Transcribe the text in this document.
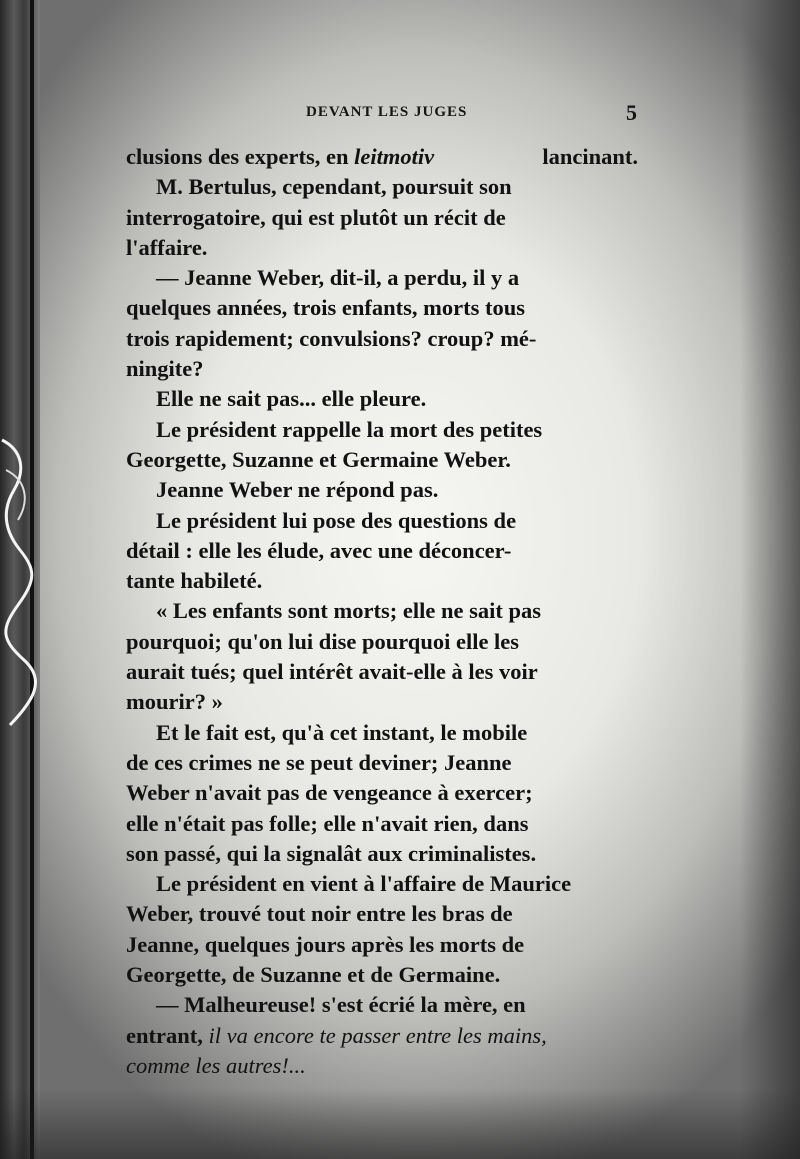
DEVANT LES JUGES	5
clusions des experts, en leitmotiv	lancinant.
M. Bertulus, cependant, poursuit son
interrogatoire, qui est plutôt un récit de
l'affaire.
— Jeanne Weber, dit-il, a perdu, il y a
quelques années, trois enfants, morts tous
trois rapidement; convulsions? croup? mé-
ningite?
Elle ne sait pas... elle pleure.
Le président rappelle la mort des petites
Georgette, Suzanne et Germaine Weber.
Jeanne Weber ne répond pas.
Le président lui pose des questions de
détail : elle les élude, avec une déconcer-
tante habileté.
« Les enfants sont morts; elle ne sait pas
pourquoi; qu'on lui dise pourquoi elle les
aurait tués; quel intérêt avait-elle à les voir
mourir? »
Et le fait est, qu'à cet instant, le mobile
de ces crimes ne se peut deviner; Jeanne
Weber n'avait pas de vengeance à exercer;
elle n'était pas folle; elle n'avait rien, dans
son passé, qui la signalât aux criminalistes.
Le président en vient à l'affaire de Maurice
Weber, trouvé tout noir entre les bras de
Jeanne, quelques jours après les morts de
Georgette, de Suzanne et de Germaine.
— Malheureuse! s'est écrié la mère, en
entrant, il va encore te passer entre les mains,
comme les autres!...
